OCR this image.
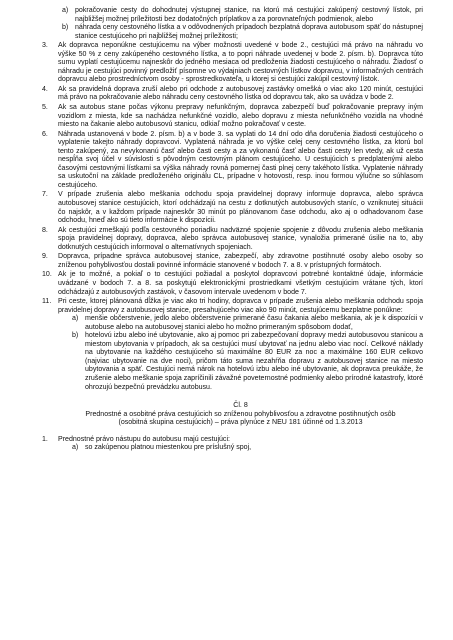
a) pokračovanie cesty do dohodnutej výstupnej stanice, na ktorú má cestujúci zakúpený cestovný lístok, pri najbližšej možnej príležitosti bez dodatočných príplatkov a za porovnateľných podmienok, alebo
b) náhrada ceny cestovného lístka a v odôvodnených prípadoch bezplatná doprava autobusom späť do nástupnej stanice cestujúceho pri najbližšej možnej príležitosti;
3.	Ak dopravca neponúkne cestujúcemu na výber možnosti uvedené v bode 2., cestujúci má právo na náhradu vo výške 50 % z ceny zakúpeného cestovného lístka, a to popri náhrade uvedenej v bode 2. písm. b). Dopravca túto sumu vyplatí cestujúcemu najneskôr do jedného mesiaca od predloženia žiadosti cestujúceho o náhradu. Žiadosť o náhradu je cestujúci povinný predložiť písomne vo výdajniach cestovných lístkov dopravcu, v informačných centrách dopravcu alebo prostredníctvom osoby - sprostredkovateľa, u ktorej si cestujúci zakúpil cestovný lístok.
4.	Ak sa pravidelná doprava zruší alebo pri odchode z autobusovej zastávky omešká o viac ako 120 minút, cestujúci má právo na pokračovanie alebo náhradu ceny cestovného lístka od dopravcu tak, ako sa uvádza v bode 2.
5.	Ak sa autobus stane počas výkonu prepravy nefunkčným, dopravca zabezpečí buď pokračovanie prepravy iným vozidlom z miesta, kde sa nachádza nefunkčné vozidlo, alebo dopravu z miesta nefunkčného vozidla na vhodné miesto na čakanie alebo autobusovú stanicu, odkiaľ možno pokračovať v ceste.
6.	Náhrada ustanovená v bode 2. písm. b) a v bode 3. sa vyplati do 14 dní odo dňa doručenia žiadosti cestujúceho o vyplatenie takejto náhrady dopravcovi. Vyplatená náhrada je vo výške celej ceny cestovného lístka, za ktorú bol tento zakúpený, za nevykonanú časť alebo časti cesty a za vykonanú časť alebo časti cesty len vtedy, ak už cesta nespĺňa svoj účel v súvislosti s pôvodným cestovným plánom cestujúceho. U cestujúcich s predplatenými alebo časovými cestovnými lístkami sa výška náhrady rovná pomernej časti plnej ceny takéhoto lístka. Vyplatenie náhrady sa uskutoční na základe predloženého originálu CL, prípadne v hotovosti, resp. inou formou výlučne so súhlasom cestujúceho.
7.	V prípade zrušenia alebo meškania odchodu spoja pravidelnej dopravy informuje dopravca, alebo správca autobusovej stanice cestujúcich, ktorí odchádzajú na cestu z dotknutých autobusových staníc, o vzniknutej situácii čo najskôr, a v každom prípade najneskôr 30 minút po plánovanom čase odchodu, ako aj o odhadovanom čase odchodu, hneď ako sú tieto informácie k dispozícii.
8.	Ak cestujúci zmeškajú podľa cestovného poriadku nadväzné spojenie spojenie z dôvodu zrušenia alebo meškania spoja pravidelnej dopravy, dopravca, alebo správca autobusovej stanice, vynaložia primerané úsilie na to, aby dotknutých cestujúcich informoval o alternatívnych spojeniach.
9.	Dopravca, prípadne správca autobusovej stanice, zabezpečí, aby zdravotne postihnuté osoby alebo osoby so zníženou pohyblivosťou dostali povinné informácie stanovené v bodoch 7. a 8. v prístupných formátoch.
10. Ak je to možné, a pokiaľ o to cestujúci požiadal a poskytol dopravcovi potrebné kontaktné údaje, informácie uvádzané v bodoch 7. a 8. sa poskytujú elektronickými prostriedkami všetkým cestujúcim vrátane tých, ktorí odchádzajú z autobusových zastávok, v časovom intervale uvedenom v bode 7.
11. Pri ceste, ktorej plánovaná dĺžka je viac ako tri hodiny, dopravca v prípade zrušenia alebo meškania odchodu spoja pravidelnej dopravy z autobusovej stanice, presahujúceho viac ako 90 minút, cestujúcemu bezplatne ponúkne:
a) menšie občerstvenie, jedlo alebo občerstvenie primerané času čakania alebo meškania, ak je k dispozícii v autobuse alebo na autobusovej stanici alebo ho možno primeraným spôsobom dodať,
b) hotelovú izbu alebo iné ubytovanie, ako aj pomoc pri zabezpečovaní dopravy medzi autobusovou stanicou a miestom ubytovania v prípadoch, ak sa cestujúci musí ubytovať na jednu alebo viac nocí. Celkové náklady na ubytovanie na každého cestujúceho sú maximálne 80 EUR za noc a maximálne 160 EUR celkovo (najviac ubytovanie na dve noci), pričom táto suma nezahŕňa dopravu z autobusovej stanice na miesto ubytovania a späť. Cestujúci nemá nárok na hotelovú izbu alebo iné ubytovanie, ak dopravca preukáže, že zrušenie alebo meškanie spoja zapríčinili závažné poveternostné podmienky alebo prírodné katastrofy, ktoré ohrozujú bezpečnú prevádzku autobusu.
Čl. 8
Prednostné a osobitné práva cestujúcich so zníženou pohyblivosťou a zdravotne postihnutých osôb
(osobitná skupina cestujúcich) – práva plynúce z NEU 181 účinné od 1.3.2013
1.	Prednostné právo nástupu do autobusu majú cestujúci:
a) so zakúpenou platnou miestenkou pre príslušný spoj,
